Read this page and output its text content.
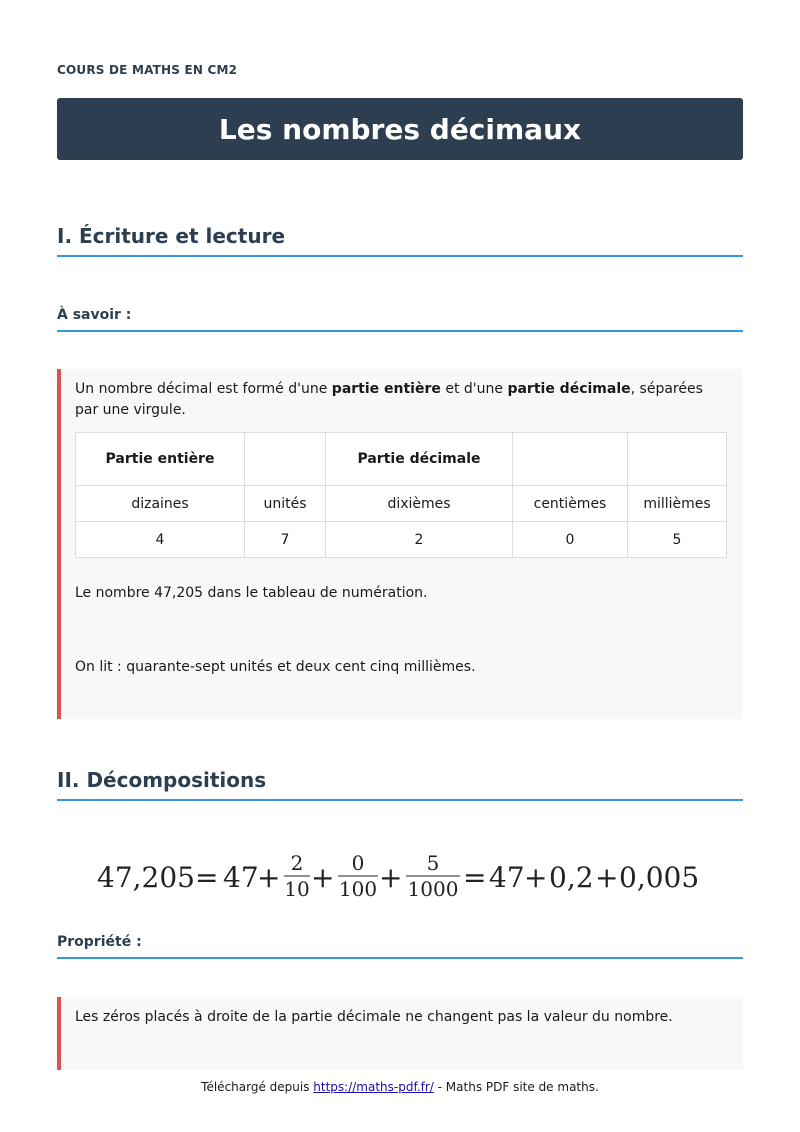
COURS DE MATHS EN CM2
Les nombres décimaux
I. Écriture et lecture
À savoir :

Un nombre décimal est formé d'une partie entière et d'une partie décimale, séparées par une virgule.

Partie entière		Partie décimale		
dizaines	unités	dixièmes	centièmes	millièmes
4	7	2	0	5

Le nombre 47,205 dans le tableau de numération.

On lit : quarante-sept unités et deux cent cinq millièmes.

II. Décompositions
47,205 = 47
+ 2
10 + 0
100 + 5
1000 = 47 + 0,2 + 0,005
Propriété :

Les zéros placés à droite de la partie décimale ne changent pas la valeur du nombre.

Téléchargé depuis https://maths-pdf.fr/ - Maths PDF site de maths.
